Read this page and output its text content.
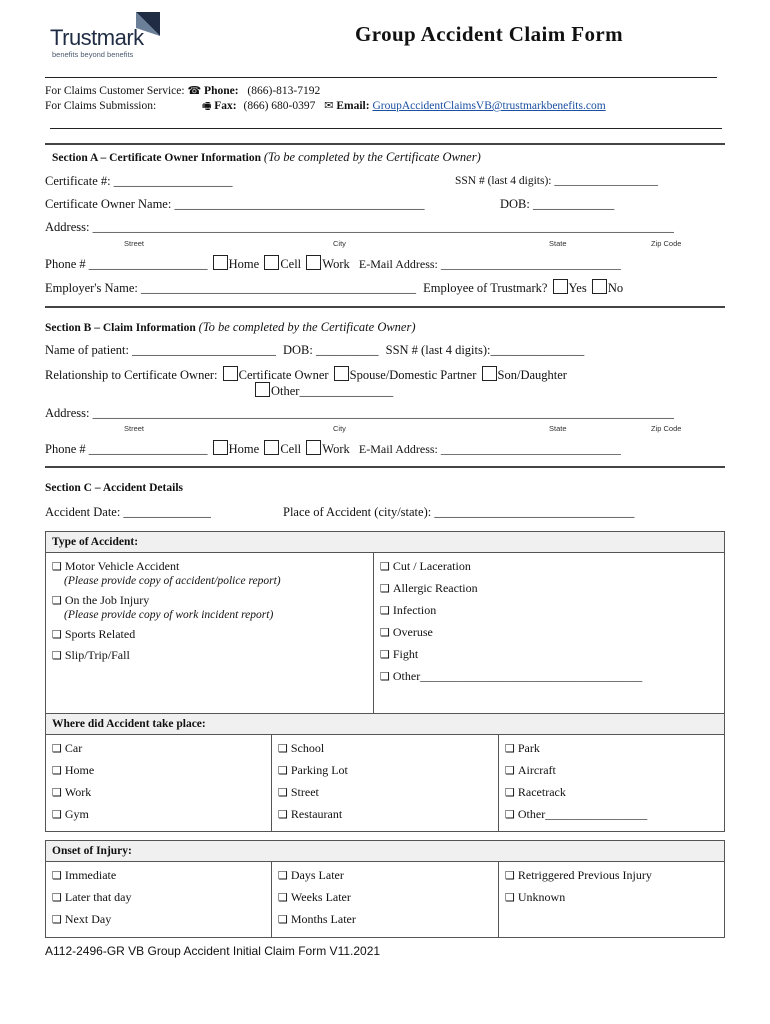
Trustmark
benefits beyond benefits
Group Accident Claim Form
For Claims Customer Service: ☎ Phone: (866)-813-7192
For Claims Submission:	🖷 Fax: (866) 680-0397 ✉ Email: GroupAccidentClaimsVB@trustmarkbenefits.com
Section A – Certificate Owner Information (To be completed by the Certificate Owner)
Certificate #: ___________________	SSN # (last 4 digits): __________________
Certificate Owner Name: ________________________________________	DOB: _____________
Address: _____________________________________________________________________________________________
Street	City	State	Zip Code
Phone # ___________________ Home Cell Work E-Mail Address: ______________________________
Employer's Name: ____________________________________________ Employee of Trustmark? Yes No
Section B – Claim Information (To be completed by the Certificate Owner)
Name of patient: _______________________ DOB: __________ SSN # (last 4 digits):_______________
Relationship to Certificate Owner: Certificate Owner Spouse/Domestic Partner Son/Daughter
Other_______________
Address: _____________________________________________________________________________________________
Street	City	State	Zip Code
Phone # ___________________ Home Cell Work E-Mail Address: ______________________________
Section C – Accident Details
Accident Date: ______________	Place of Accident (city/state): ________________________________
Type of Accident:

❑ Motor Vehicle Accident
(Please provide copy of accident/police report)
❑ On the Job Injury
(Please provide copy of work incident report)
❑ Sports Related
❑ Slip/Trip/Fall

❑ Cut / Laceration
❑ Allergic Reaction
❑ Infection
❑ Overuse
❑ Fight
❑ Other_____________________________________
Where did Accident take place:

❑ Car
❑ Home
❑ Work
❑ Gym

❑ School
❑ Parking Lot
❑ Street
❑ Restaurant

❑ Park
❑ Aircraft
❑ Racetrack
❑ Other_________________
Onset of Injury:

❑ Immediate
❑ Later that day
❑ Next Day

❑ Days Later
❑ Weeks Later
❑ Months Later

❑ Retriggered Previous Injury
❑ Unknown
A112-2496-GR VB Group Accident Initial Claim Form V11.2021
